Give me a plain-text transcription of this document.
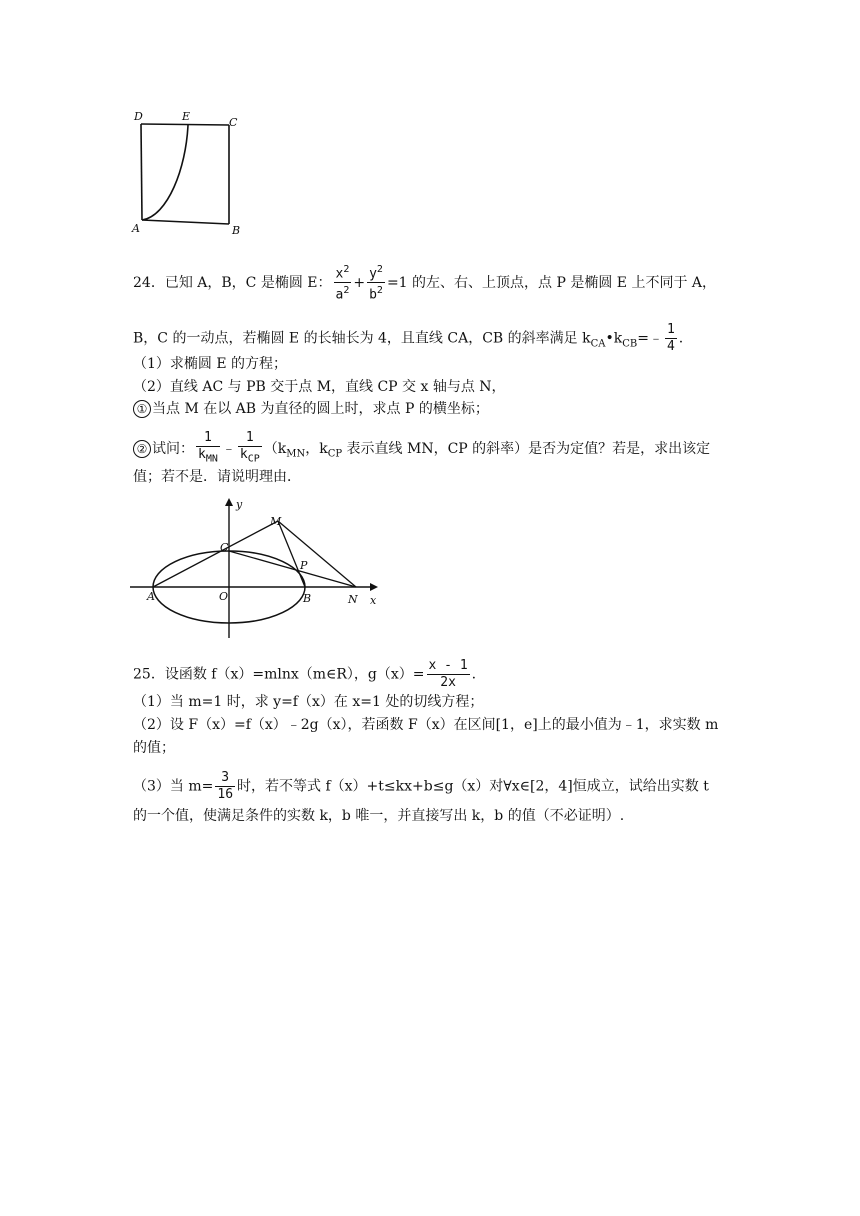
D	E	C
A	B
24．已知 A，B，C 是椭圆 E： $\frac{x^2}{a^2} + \frac{y^2}{b^2} =1$ 的左、右、上顶点，点 P 是椭圆 E 上不同于 A，
B，C 的一动点，若椭圆 E 的长轴长为 4，且直线 CA，CB 的斜率满足 $k_{CA}•k_{CB}=﹣ \frac{1}{4}$ .
（1）求椭圆 E 的方程；
（2）直线 AC 与 PB 交于点 M，直线 CP 交 x 轴与点 N，
① 当点 M 在以 AB 为直径的圆上时，求点 P 的横坐标；
② 试问： $\frac{1}{k_{MN}}$ ﹣ $\frac{1}{k_{CP}} (k_{MN}$，$k_{CP}$ 表示直线 MN，CP 的斜率）是否为定值？若是，求出该定
值；若不是．请说明理由．
y
M
C
P
A	O	B	N x
25．设函数 f（x）=mlnx（m∈R），$g(x)= \frac{x - 1}{2x}$ .
（1）当 m=1 时，求 y=f（x）在 x=1 处的切线方程；
（2）设 F（x）=f（x）﹣2g（x），若函数 F（x）在区间[1，e]上的最小值为﹣1，求实数 m
的值；
（3）当 $m= \frac{3}{16}$ 时，若不等式 f（x）+t≤kx+b≤g（x）对∀x∈[2，4]恒成立，试给出实数 t
的一个值，使满足条件的实数 k，b 唯一，并直接写出 k，b 的值（不必证明）.
